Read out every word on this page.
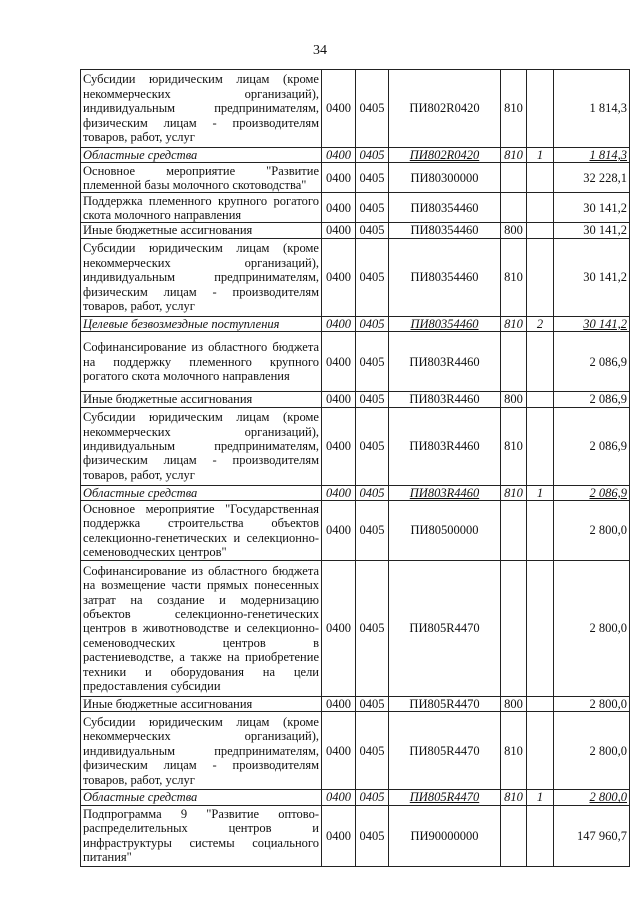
34
Субсидии юридическим лицам (кроме некоммерческих организаций), индивидуальным предпринимателям, физическим лицам - производителям товаров, работ, услуг	0400	0405	ПИ802R0420	810		1 814,3
Областные средства	0400	0405	ПИ802R0420	810	1	1 814,3
Основное мероприятие "Развитие племенной базы молочного скотоводства"	0400	0405	ПИ80300000			32 228,1
Поддержка племенного крупного рогатого скота молочного направления	0400	0405	ПИ80354460			30 141,2
Иные бюджетные ассигнования	0400	0405	ПИ80354460	800		30 141,2
Субсидии юридическим лицам (кроме некоммерческих организаций), индивидуальным предпринимателям, физическим лицам - производителям товаров, работ, услуг	0400	0405	ПИ80354460	810		30 141,2
Целевые безвозмездные поступления	0400	0405	ПИ80354460	810	2	30 141,2
Софинансирование из областного бюджета на поддержку племенного крупного рогатого скота молочного направления	0400	0405	ПИ803R4460			2 086,9
Иные бюджетные ассигнования	0400	0405	ПИ803R4460	800		2 086,9
Субсидии юридическим лицам (кроме некоммерческих организаций), индивидуальным предпринимателям, физическим лицам - производителям товаров, работ, услуг	0400	0405	ПИ803R4460	810		2 086,9
Областные средства	0400	0405	ПИ803R4460	810	1	2 086,9
Основное мероприятие "Государственная поддержка строительства объектов селекционно-генетических и селекционно-семеноводческих центров"	0400	0405	ПИ80500000			2 800,0
Софинансирование из областного бюджета на возмещение части прямых понесенных затрат на создание и модернизацию объектов селекционно-генетических центров в животноводстве и селекционно-семеноводческих центров в растениеводстве, а также на приобретение техники и оборудования на цели предоставления субсидии	0400	0405	ПИ805R4470			2 800,0
Иные бюджетные ассигнования	0400	0405	ПИ805R4470	800		2 800,0
Субсидии юридическим лицам (кроме некоммерческих организаций), индивидуальным предпринимателям, физическим лицам - производителям товаров, работ, услуг	0400	0405	ПИ805R4470	810		2 800,0
Областные средства	0400	0405	ПИ805R4470	810	1	2 800,0
Подпрограмма 9 "Развитие оптово-распределительных центров и инфраструктуры системы социального питания"	0400	0405	ПИ90000000			147 960,7
